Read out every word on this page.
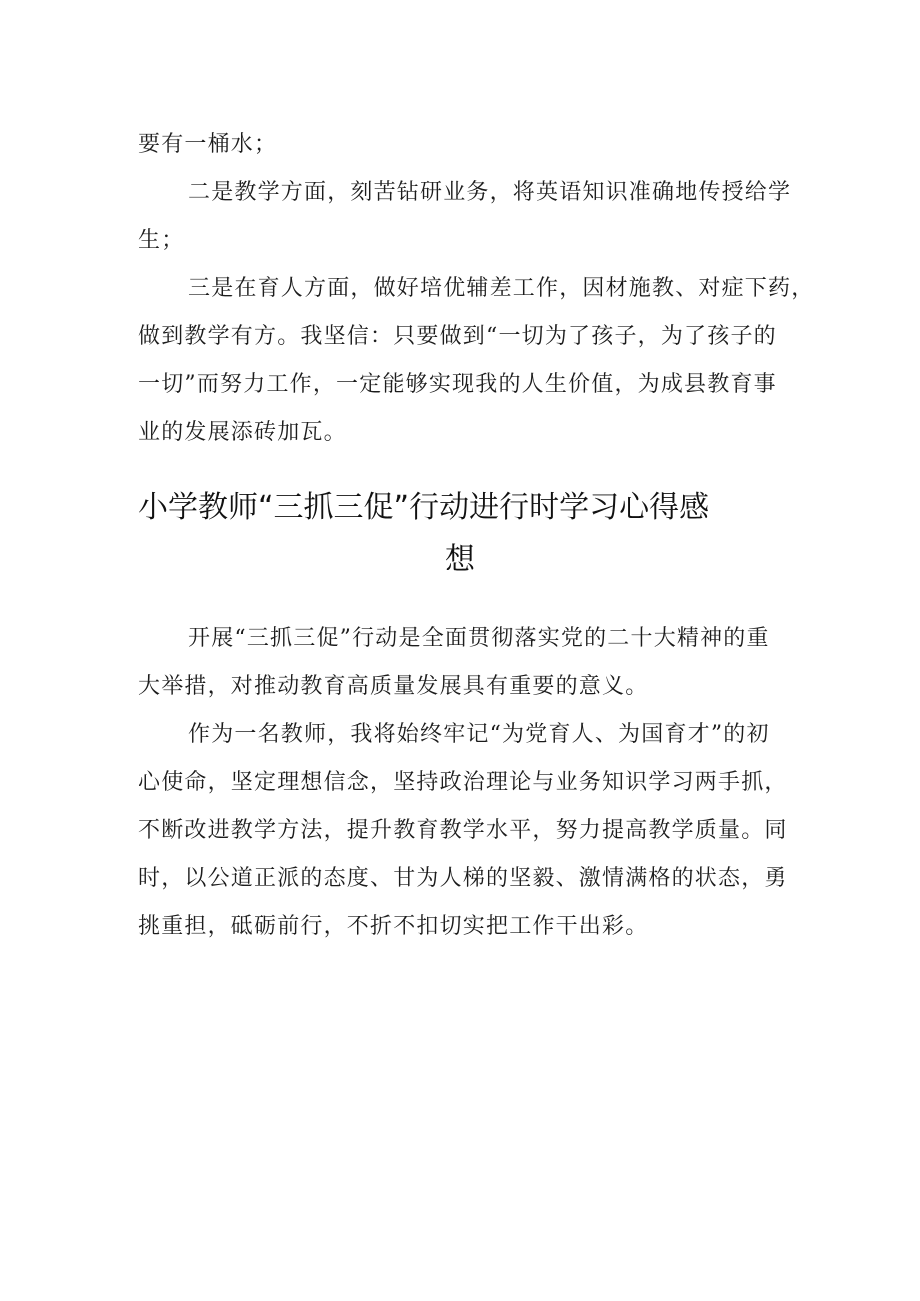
要有一桶水；
二是教学方面，刻苦钻研业务，将英语知识准确地传授给学
生；
三是在育人方面，做好培优辅差工作，因材施教、对症下药，
做到教学有方。我坚信：只要做到“一切为了孩子，为了孩子的
一切”而努力工作，一定能够实现我的人生价值，为成县教育事
业的发展添砖加瓦。
小学教师“三抓三促”行动进行时学习心得感
想
开展“三抓三促”行动是全面贯彻落实党的二十大精神的重
大举措，对推动教育高质量发展具有重要的意义。
作为一名教师，我将始终牢记“为党育人、为国育才”的初
心使命，坚定理想信念，坚持政治理论与业务知识学习两手抓，
不断改进教学方法，提升教育教学水平，努力提高教学质量。同
时，以公道正派的态度、甘为人梯的坚毅、激情满格的状态，勇
挑重担，砥砺前行，不折不扣切实把工作干出彩。
